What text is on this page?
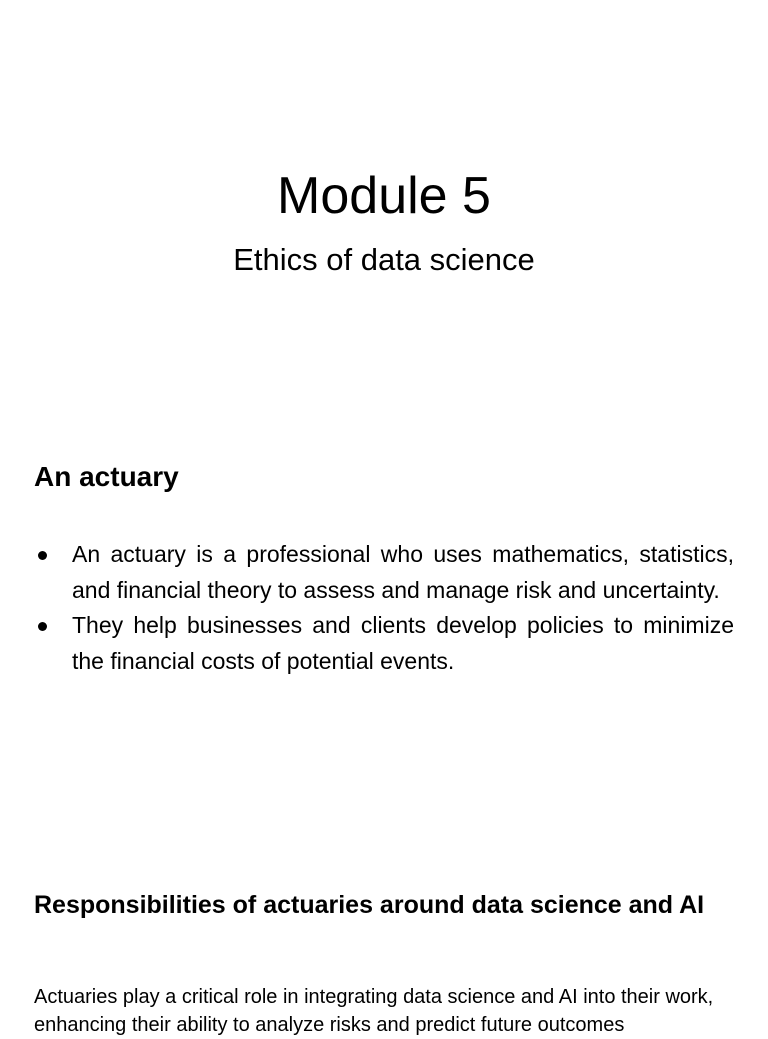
Module 5

Ethics of data science

An actuary
An actuary is a professional who uses mathematics, statistics, and financial theory to assess and manage risk and uncertainty.
They help businesses and clients develop policies to minimize the financial costs of potential events.
Responsibilities of actuaries around data science and AI

Actuaries play a critical role in integrating data science and AI into their work, enhancing their ability to analyze risks and predict future outcomes
